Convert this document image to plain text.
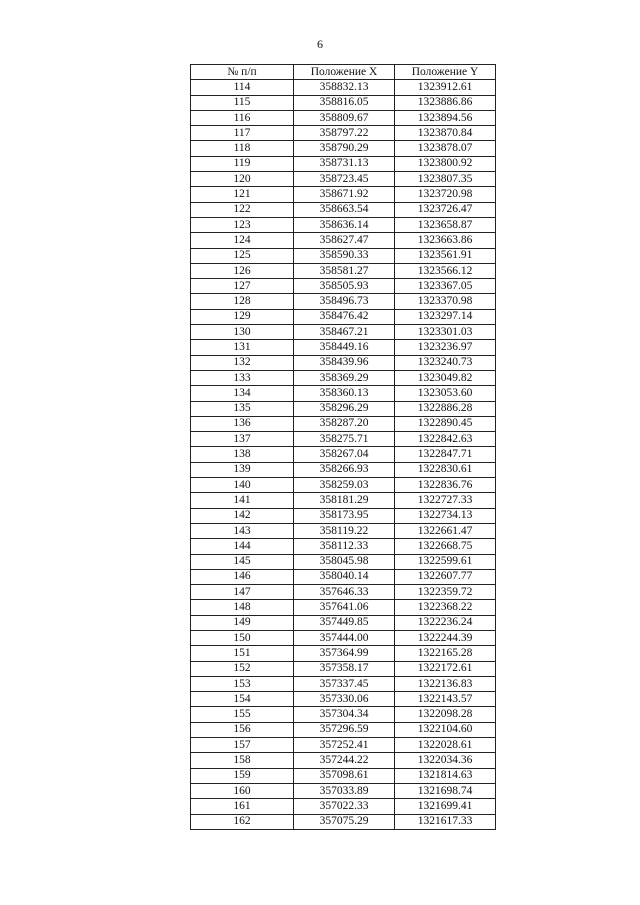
6
№ п/п	Положение X	Положение Y
114	358832.13	1323912.61
115	358816.05	1323886.86
116	358809.67	1323894.56
117	358797.22	1323870.84
118	358790.29	1323878.07
119	358731.13	1323800.92
120	358723.45	1323807.35
121	358671.92	1323720.98
122	358663.54	1323726.47
123	358636.14	1323658.87
124	358627.47	1323663.86
125	358590.33	1323561.91
126	358581.27	1323566.12
127	358505.93	1323367.05
128	358496.73	1323370.98
129	358476.42	1323297.14
130	358467.21	1323301.03
131	358449.16	1323236.97
132	358439.96	1323240.73
133	358369.29	1323049.82
134	358360.13	1323053.60
135	358296.29	1322886.28
136	358287.20	1322890.45
137	358275.71	1322842.63
138	358267.04	1322847.71
139	358266.93	1322830.61
140	358259.03	1322836.76
141	358181.29	1322727.33
142	358173.95	1322734.13
143	358119.22	1322661.47
144	358112.33	1322668.75
145	358045.98	1322599.61
146	358040.14	1322607.77
147	357646.33	1322359.72
148	357641.06	1322368.22
149	357449.85	1322236.24
150	357444.00	1322244.39
151	357364.99	1322165.28
152	357358.17	1322172.61
153	357337.45	1322136.83
154	357330.06	1322143.57
155	357304.34	1322098.28
156	357296.59	1322104.60
157	357252.41	1322028.61
158	357244.22	1322034.36
159	357098.61	1321814.63
160	357033.89	1321698.74
161	357022.33	1321699.41
162	357075.29	1321617.33
